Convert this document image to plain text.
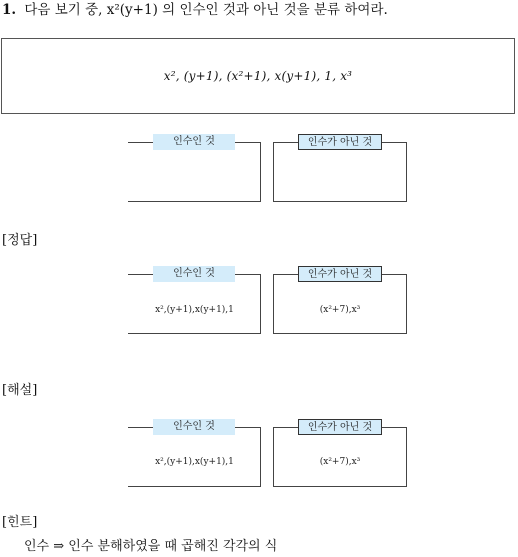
1. 다음 보기 중, x²(y+1) 의 인수인 것과 아닌 것을 분류 하여라.
x², (y+1), (x²+1), x(y+1), 1, x³
인수인 것	인수가 아닌 것
[정답]
인수인 것
x²,(y+1),x(y+1),1
인수가 아닌 것
(x²+7),x³
[해설]
인수인 것
x²,(y+1),x(y+1),1
인수가 아닌 것
(x²+7),x³
[힌트]
인수 ⇒ 인수 분해하였을 때 곱해진 각각의 식
